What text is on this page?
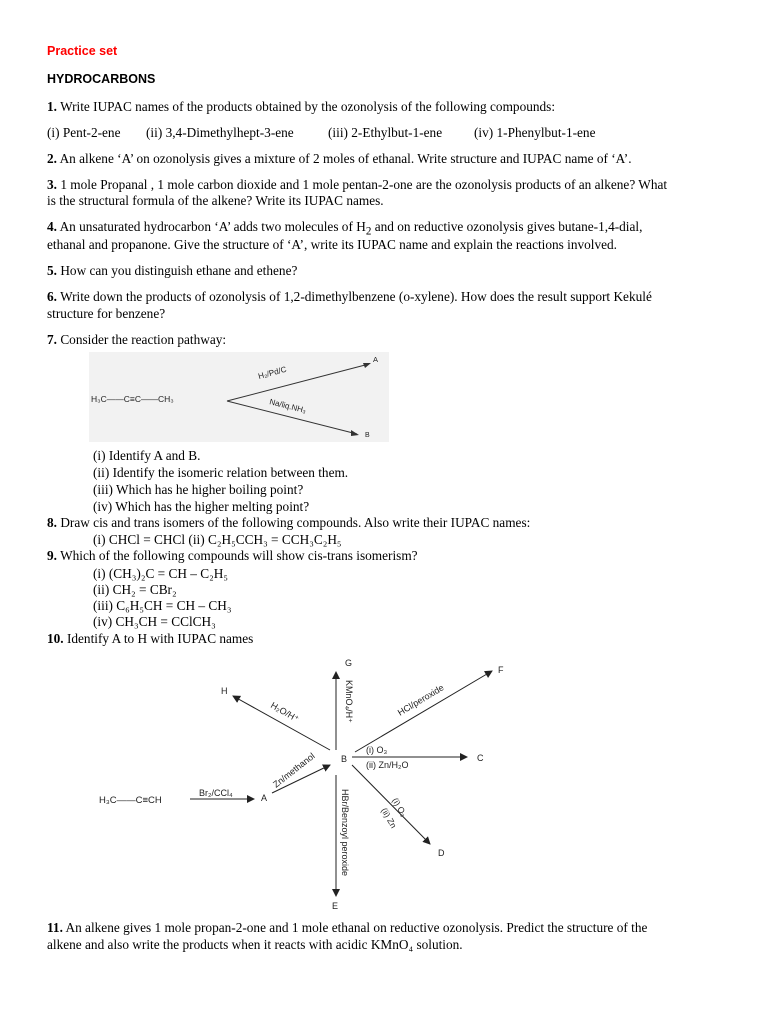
Practice set
HYDROCARBONS
1. Write IUPAC names of the products obtained by the ozonolysis of the following compounds:
(i) Pent-2-ene (ii) 3,4-Dimethylhept-3-ene	(iii) 2-Ethylbut-1-ene (iv) 1-Phenylbut-1-ene
2. An alkene ‘A’ on ozonolysis gives a mixture of 2 moles of ethanal. Write structure and IUPAC name of ‘A’.
3. 1 mole Propanal , 1 mole carbon dioxide and 1 mole pentan-2-one are the ozonolysis products of an alkene? What
is the structural formula of the alkene? Write its IUPAC names.
4. An unsaturated hydrocarbon ‘A’ adds two molecules of $H_2$ and on reductive ozonolysis gives butane-1,4-dial,
ethanal and propanone. Give the structure of ‘A’, write its IUPAC name and explain the reactions involved.
5. How can you distinguish ethane and ethene?
6. Write down the products of ozonolysis of 1,2-dimethylbenzene (o-xylene). How does the result support Kekulé
structure for benzene?
7. Consider the reaction pathway:
H₃C——C≡C——CH₃
H₂/Pd/C
Na/liq.NH₃
A
B
(i) Identify A and B.
(ii) Identify the isomeric relation between them.
(iii) Which has he higher boiling point?
(iv) Which has the higher melting point?
8. Draw cis and trans isomers of the following compounds. Also write their IUPAC names:
(i) CHCl = CHCl (ii) C₂H₅CCH₃ = CCH₃C₂H₅
9. Which of the following compounds will show cis-trans isomerism?
(i) (CH₃)₂C = CH – C₂H₅
(ii) CH₂ = CBr₂
(iii) C₆H₅CH = CH – CH₃
(iv) CH₃CH = CClCH₃
10. Identify A to H with IUPAC names
H₃C——C≡CH
Br₂/CCl₄	A
Zn/methanol	B
KMnO₄/H⁺
G
H₂O/H⁺
H	HCl/peroxide
F
(i) O₃
(ii) Zn/H₂O
C
(i) O₃
(ii) Zn
D
HBr/Benzoyl peroxide
E
11. An alkene gives 1 mole propan-2-one and 1 mole ethanal on reductive ozonolysis. Predict the structure of the
alkene and also write the products when it reacts with acidic KMnO₄ solution.
